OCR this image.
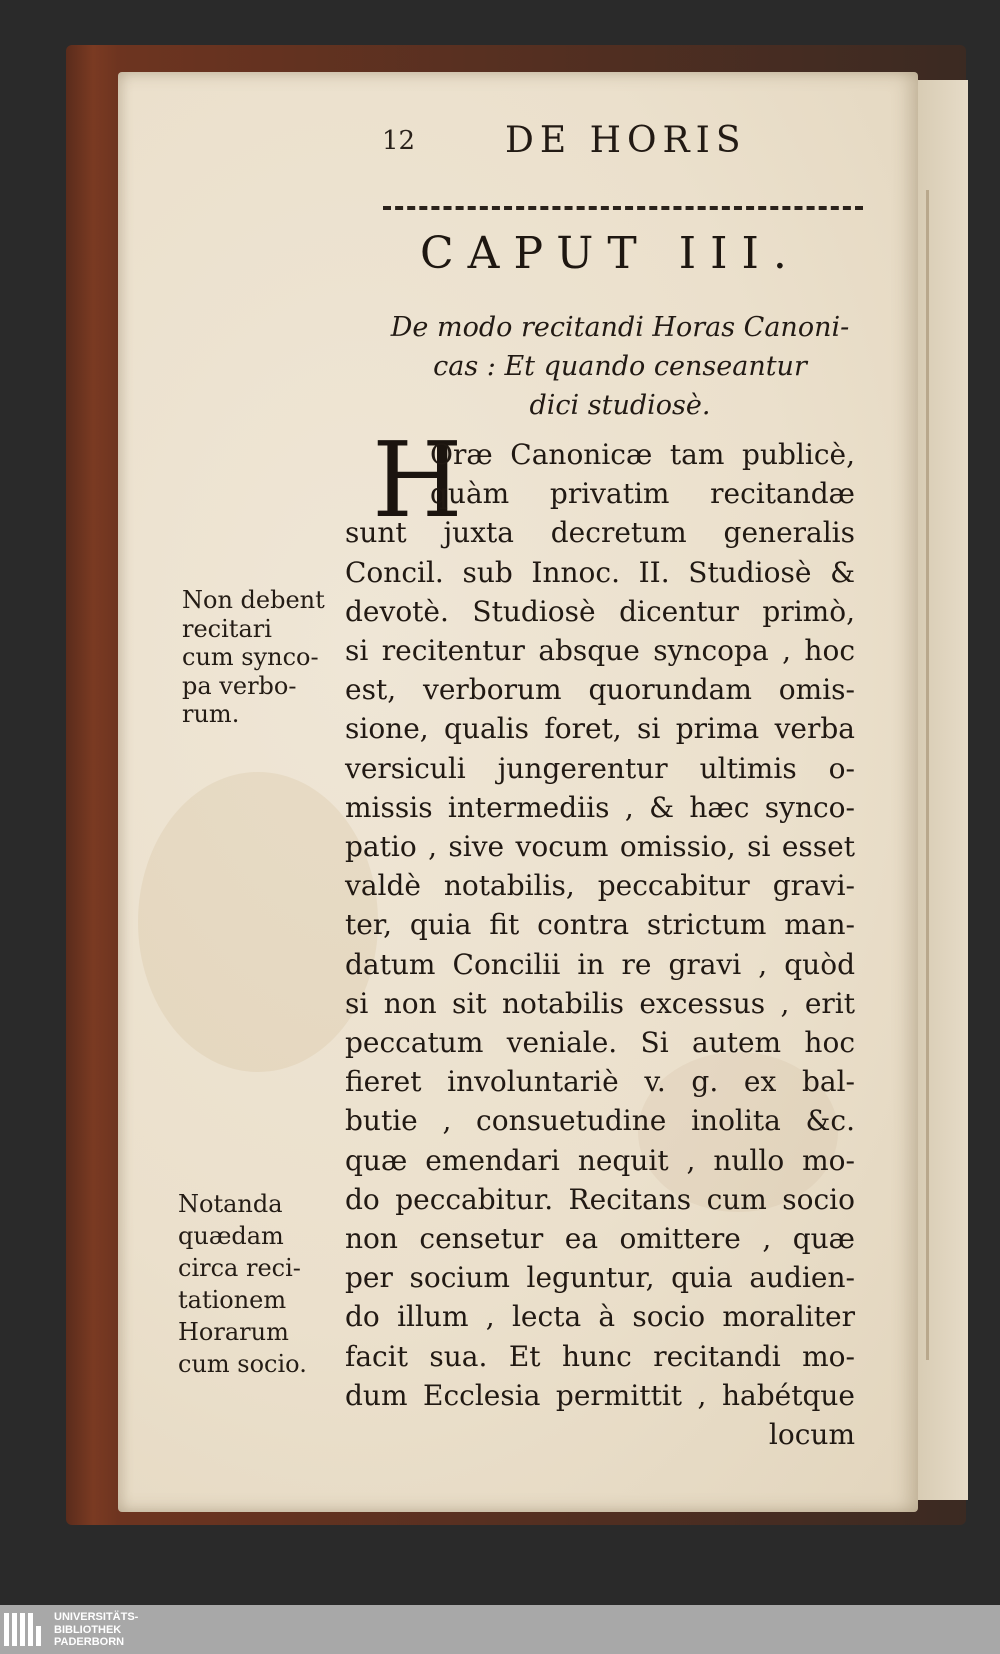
12 DE HORIS
CAPUT III.
De modo recitandi Horas Canoni-
cas : Et quando censeantur
dici studiosè.
H
Oræ Canonicæ tam publicè,
quàm privatim recitandæ
sunt juxta decretum generalis
Concil. sub Innoc. II. Studiosè &
devotè. Studiosè dicentur primò,
si recitentur absque syncopa , hoc
est, verborum quorundam omis-
sione, qualis foret, si prima verba
versiculi jungerentur ultimis o-
missis intermediis , & hæc synco-
patio , sive vocum omissio, si esset
valdè notabilis, peccabitur gravi-
ter, quia fit contra strictum man-
datum Concilii in re gravi , quòd
si non sit notabilis excessus , erit
peccatum veniale. Si autem hoc
fieret involuntariè v. g. ex bal-
butie , consuetudine inolita &c.
quæ emendari nequit , nullo mo-
do peccabitur. Recitans cum socio
non censetur ea omittere , quæ
per socium leguntur, quia audien-
do illum , lecta à socio moraliter
facit sua. Et hunc recitandi mo-
dum Ecclesia permittit , habétque
locum
Non debent
recitari
cum synco-
pa verbo-
rum.
Notanda
quædam
circa reci-
tationem
Horarum
cum socio.
UNIVERSITÄTS-
BIBLIOTHEK
PADERBORN
